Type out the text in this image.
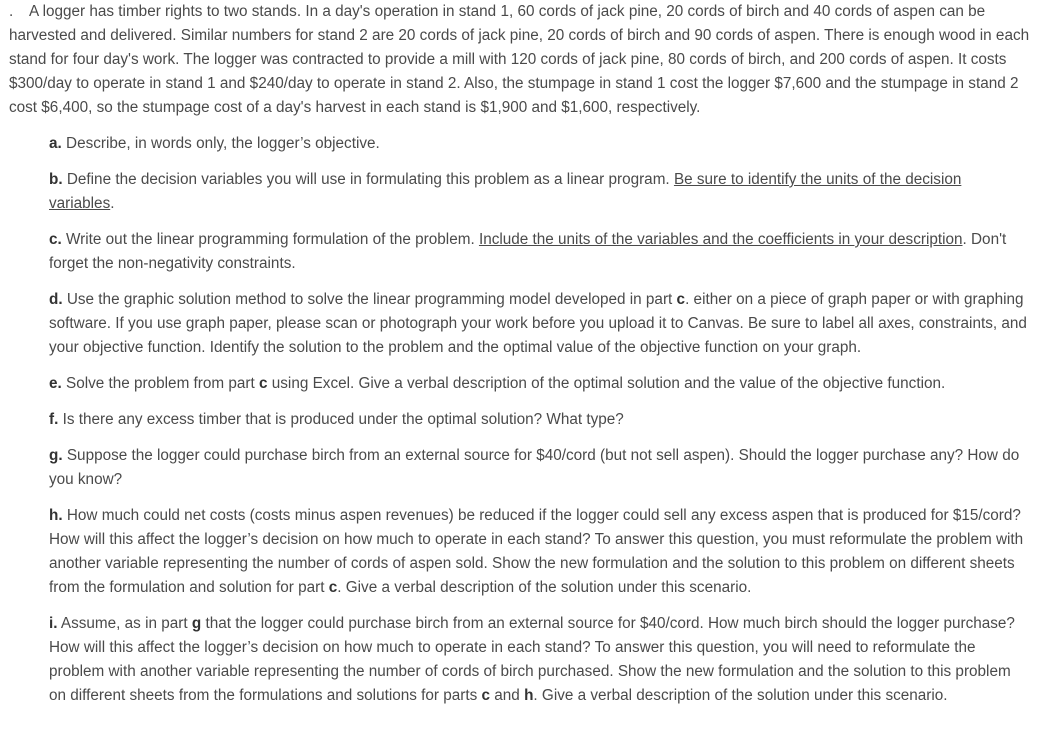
. A logger has timber rights to two stands. In a day's operation in stand 1, 60 cords of jack pine, 20 cords of birch and 40 cords of aspen can be harvested and delivered. Similar numbers for stand 2 are 20 cords of jack pine, 20 cords of birch and 90 cords of aspen. There is enough wood in each stand for four day's work. The logger was contracted to provide a mill with 120 cords of jack pine, 80 cords of birch, and 200 cords of aspen. It costs $300/day to operate in stand 1 and $240/day to operate in stand 2. Also, the stumpage in stand 1 cost the logger $7,600 and the stumpage in stand 2 cost $6,400, so the stumpage cost of a day's harvest in each stand is $1,900 and $1,600, respectively.

a. Describe, in words only, the logger’s objective.

b. Define the decision variables you will use in formulating this problem as a linear program. Be sure to identify the units of the decision variables.

c. Write out the linear programming formulation of the problem. Include the units of the variables and the coefficients in your description. Don't forget the non-negativity constraints.

d. Use the graphic solution method to solve the linear programming model developed in part c. either on a piece of graph paper or with graphing software. If you use graph paper, please scan or photograph your work before you upload it to Canvas. Be sure to label all axes, constraints, and your objective function. Identify the solution to the problem and the optimal value of the objective function on your graph.

e. Solve the problem from part c using Excel. Give a verbal description of the optimal solution and the value of the objective function.

f. Is there any excess timber that is produced under the optimal solution? What type?

g. Suppose the logger could purchase birch from an external source for $40/cord (but not sell aspen). Should the logger purchase any? How do you know?

h. How much could net costs (costs minus aspen revenues) be reduced if the logger could sell any excess aspen that is produced for $15/cord? How will this affect the logger’s decision on how much to operate in each stand? To answer this question, you must reformulate the problem with another variable representing the number of cords of aspen sold. Show the new formulation and the solution to this problem on different sheets from the formulation and solution for part c. Give a verbal description of the solution under this scenario.

i. Assume, as in part g that the logger could purchase birch from an external source for $40/cord. How much birch should the logger purchase? How will this affect the logger’s decision on how much to operate in each stand? To answer this question, you will need to reformulate the problem with another variable representing the number of cords of birch purchased. Show the new formulation and the solution to this problem on different sheets from the formulations and solutions for parts c and h. Give a verbal description of the solution under this scenario.
